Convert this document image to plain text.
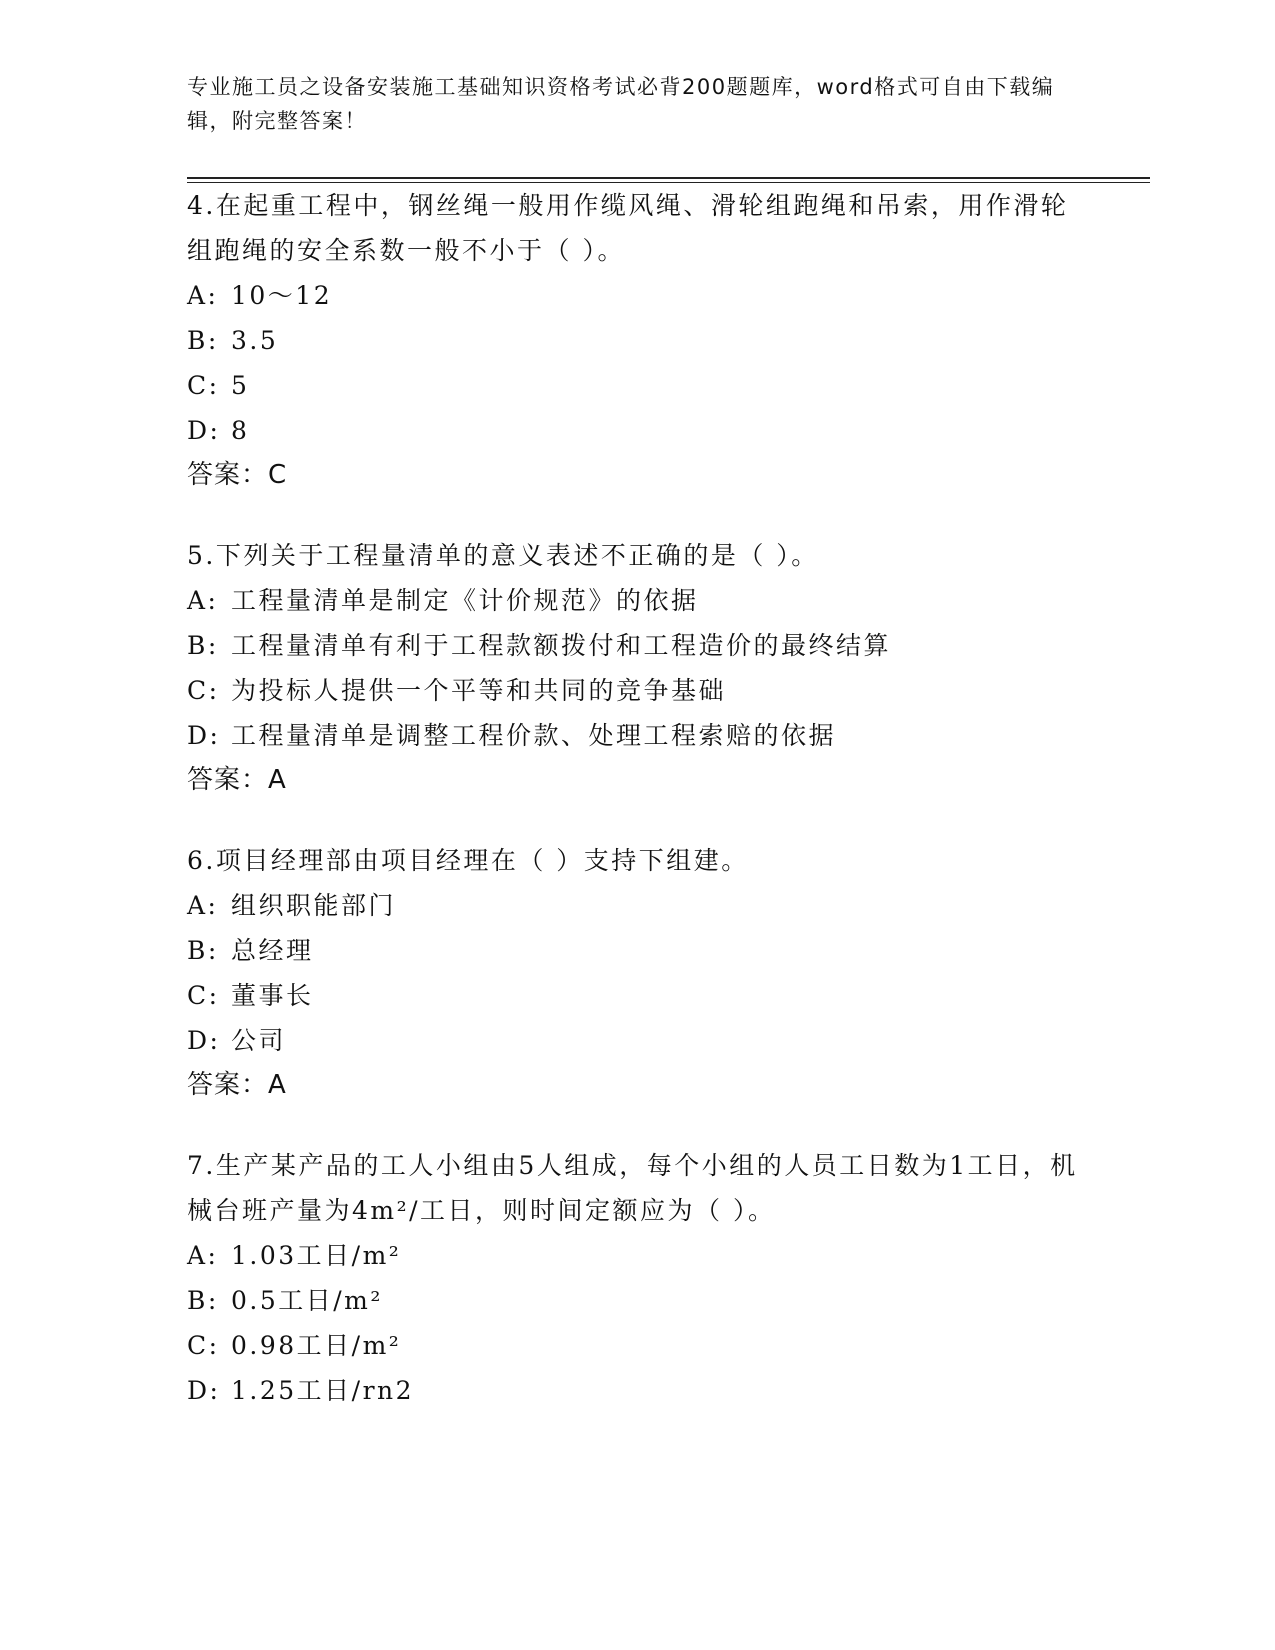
专业施工员之设备安装施工基础知识资格考试必背200题题库，word格式可自由下载编辑，附完整答案！

4.在起重工程中，钢丝绳一般用作缆风绳、滑轮组跑绳和吊索，用作滑轮组跑绳的安全系数一般不小于（ ）。

A: 10～12

B: 3.5

C: 5

D: 8

答案：C

5.下列关于工程量清单的意义表述不正确的是（ ）。

A: 工程量清单是制定《计价规范》的依据

B: 工程量清单有利于工程款额拨付和工程造价的最终结算

C: 为投标人提供一个平等和共同的竞争基础

D: 工程量清单是调整工程价款、处理工程索赔的依据

答案：A

6.项目经理部由项目经理在（ ）支持下组建。

A: 组织职能部门

B: 总经理

C: 董事长

D: 公司

答案：A

7.生产某产品的工人小组由5人组成，每个小组的人员工日数为1工日，机械台班产量为4m²/工日，则时间定额应为（ ）。

A: 1.03工日/m²

B: 0.5工日/m²

C: 0.98工日/m²

D: 1.25工日/rn2
